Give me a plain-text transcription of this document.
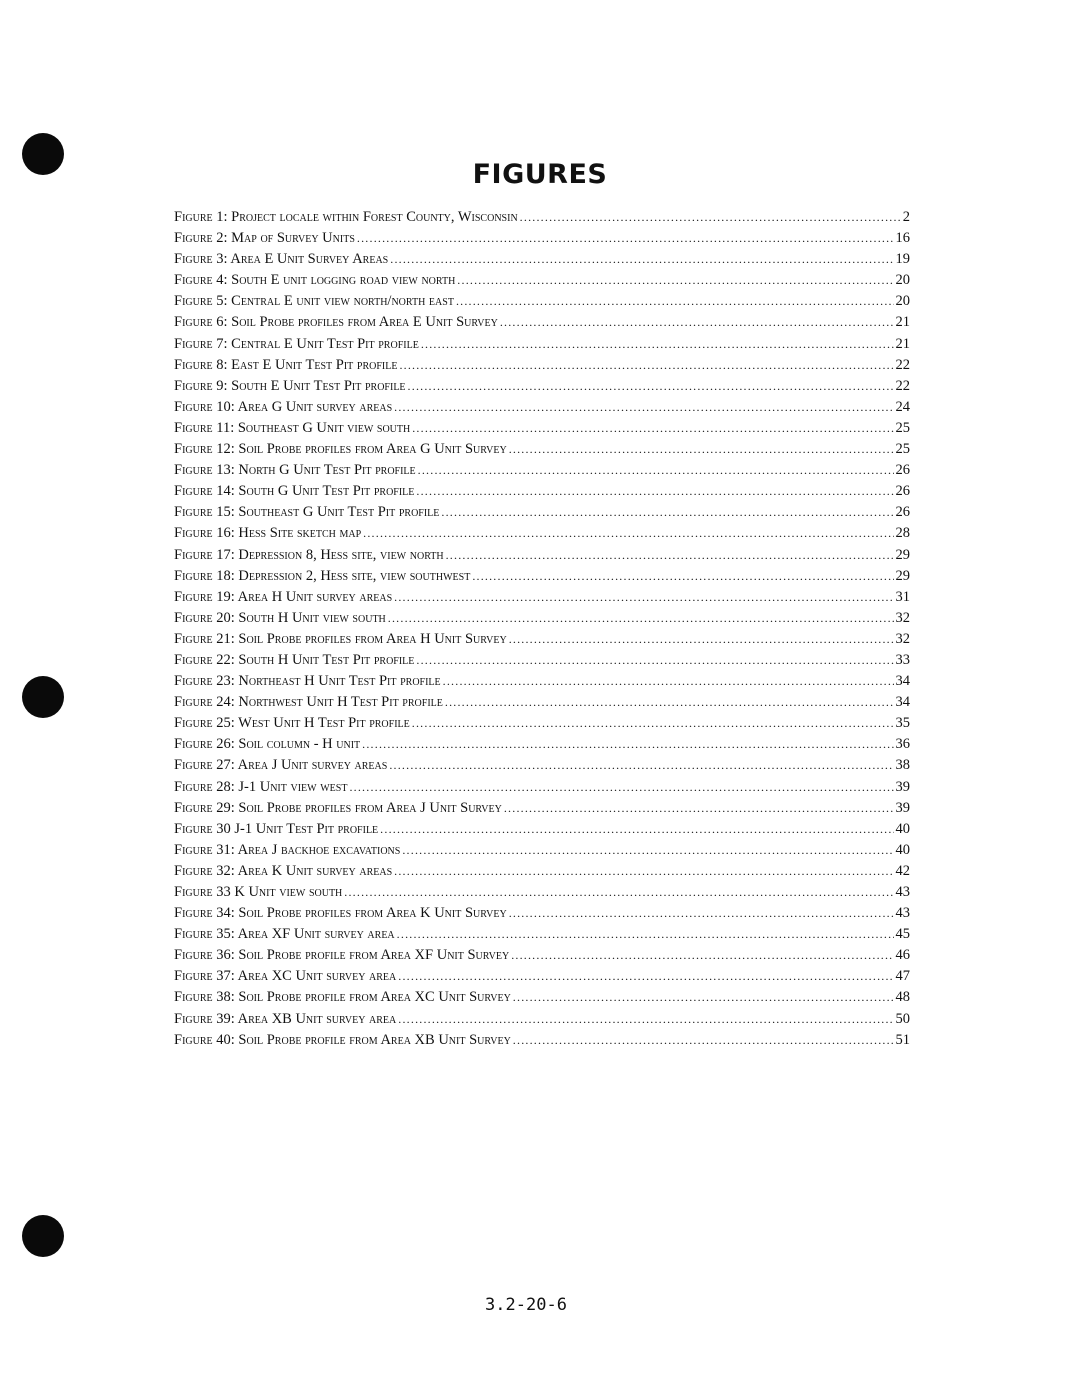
FIGURES
Figure 1: Project locale within Forest County, Wisconsin .....	2
Figure 2: Map of Survey Units .....	16
Figure 3: Area E Unit Survey Areas .....	19
Figure 4: South E unit logging road view north .....	20
Figure 5: Central E unit view north/north east .....	20
Figure 6: Soil Probe profiles from Area E Unit Survey .....	21
Figure 7: Central E Unit Test Pit profile .....	21
Figure 8: East E Unit Test Pit profile .....	22
Figure 9: South E Unit Test Pit profile .....	22
Figure 10: Area G Unit survey areas .....	24
Figure 11: Southeast G Unit view south .....	25
Figure 12: Soil Probe profiles from Area G Unit Survey .....	25
Figure 13: North G Unit Test Pit profile .....	26
Figure 14: South G Unit Test Pit profile .....	26
Figure 15: Southeast G Unit Test Pit profile .....	26
Figure 16: Hess Site sketch map .....	28
Figure 17: Depression 8, Hess site, view north .....	29
Figure 18: Depression 2, Hess site, view southwest .....	29
Figure 19: Area H Unit survey areas .....	31
Figure 20: South H Unit view south .....	32
Figure 21: Soil Probe profiles from Area H Unit Survey .....	32
Figure 22: South H Unit Test Pit profile .....	33
Figure 23: Northeast H Unit Test Pit profile .....	34
Figure 24: Northwest Unit H Test Pit profile .....	34
Figure 25: West Unit H Test Pit profile .....	35
Figure 26: Soil column - H unit .....	36
Figure 27: Area J Unit survey areas .....	38
Figure 28: J-1 Unit view west .....	39
Figure 29: Soil Probe profiles from Area J Unit Survey .....	39
Figure 30 J-1 Unit Test Pit profile .....	40
Figure 31: Area J backhoe excavations .....	40
Figure 32: Area K Unit survey areas .....	42
Figure 33 K Unit view south .....	43
Figure 34: Soil Probe profiles from Area K Unit Survey .....	43
Figure 35: Area XF Unit survey area .....	45
Figure 36: Soil Probe profile from Area XF Unit Survey .....	46
Figure 37: Area XC Unit survey area .....	47
Figure 38: Soil Probe profile from Area XC Unit Survey .....	48
Figure 39: Area XB Unit survey area .....	50
Figure 40: Soil Probe profile from Area XB Unit Survey .....	51
3.2-20-6
